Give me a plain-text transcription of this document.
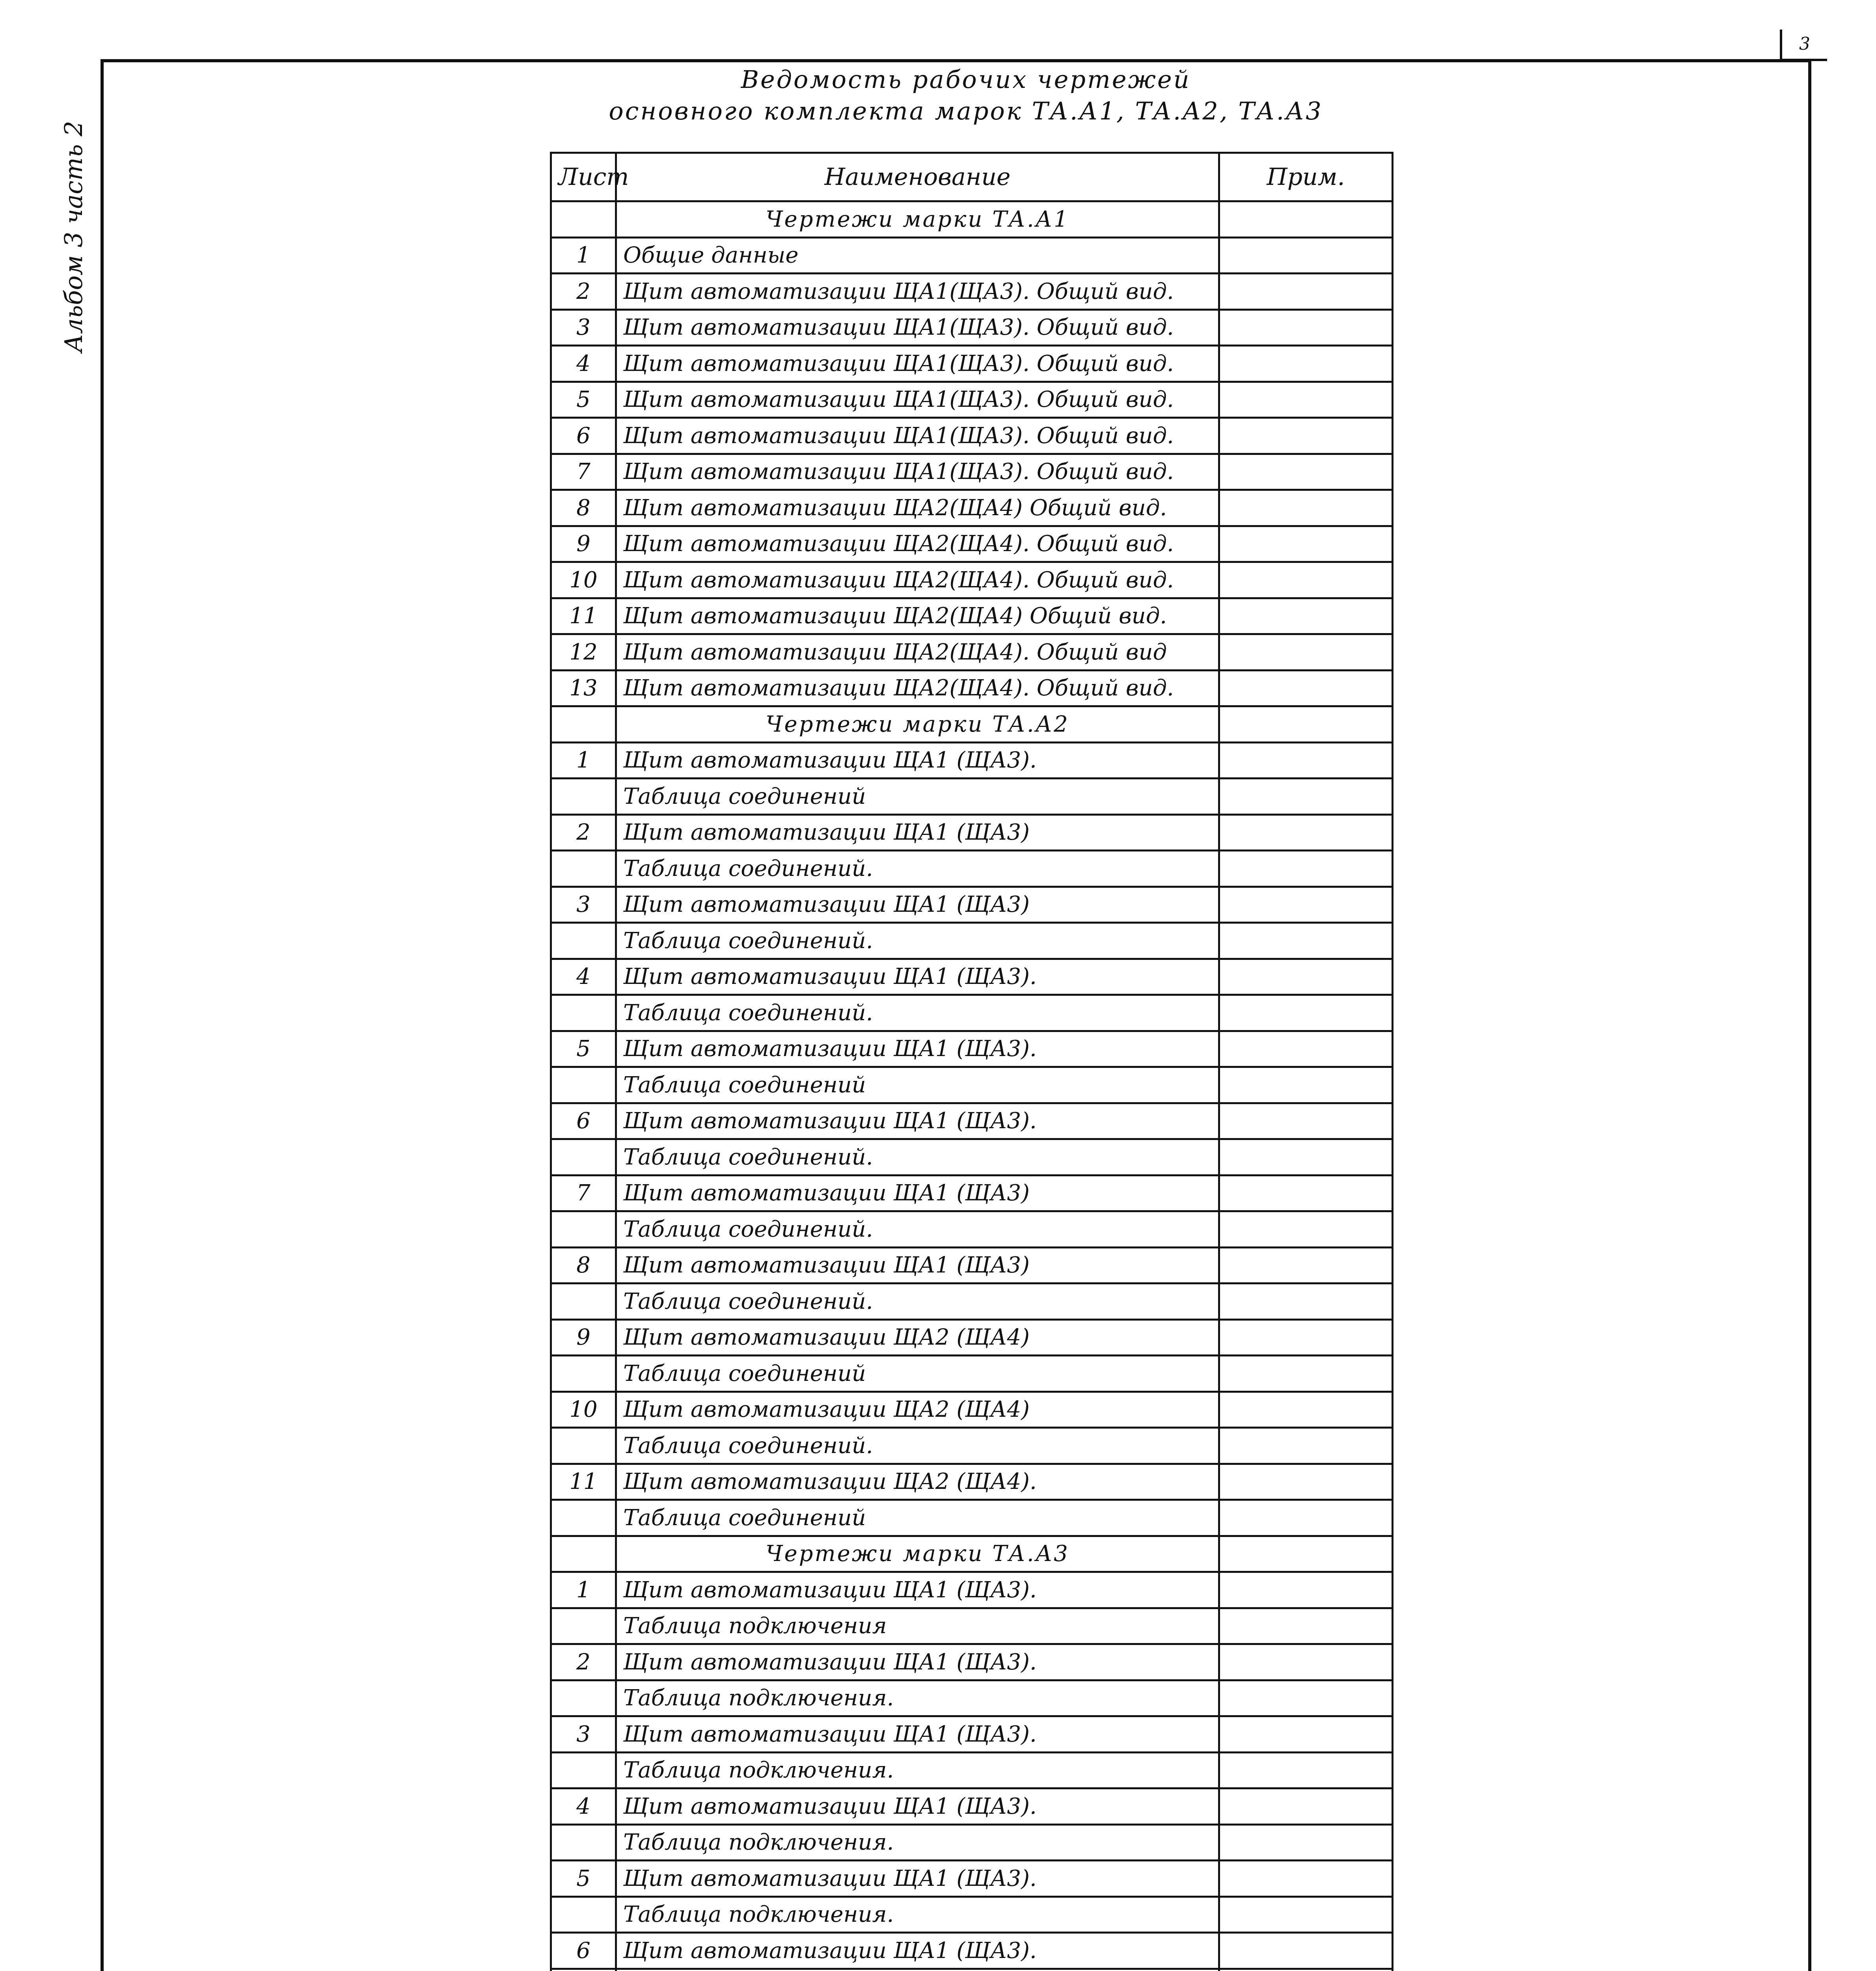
3
Альбом 3 часть 2
Ведомость рабочих чертежей
основного комплекта марок ТА.А1, ТА.А2, ТА.А3
Лист	Наименование	Прим.
	Чертежи марки ТА.А1	
1	Общие данные	
2	Щит автоматизации ЩА1(ЩА3). Общий вид.	
3	Щит автоматизации ЩА1(ЩА3). Общий вид.	
4	Щит автоматизации ЩА1(ЩА3). Общий вид.	
5	Щит автоматизации ЩА1(ЩА3). Общий вид.	
6	Щит автоматизации ЩА1(ЩА3). Общий вид.	
7	Щит автоматизации ЩА1(ЩА3). Общий вид.	
8	Щит автоматизации ЩА2(ЩА4) Общий вид.	
9	Щит автоматизации ЩА2(ЩА4). Общий вид.	
10	Щит автоматизации ЩА2(ЩА4). Общий вид.	
11	Щит автоматизации ЩА2(ЩА4) Общий вид.	
12	Щит автоматизации ЩА2(ЩА4). Общий вид	
13	Щит автоматизации ЩА2(ЩА4). Общий вид.	
	Чертежи марки ТА.А2	
1	Щит автоматизации ЩА1 (ЩА3).	
	Таблица соединений	
2	Щит автоматизации ЩА1 (ЩА3)	
	Таблица соединений.	
3	Щит автоматизации ЩА1 (ЩА3)	
	Таблица соединений.	
4	Щит автоматизации ЩА1 (ЩА3).	
	Таблица соединений.	
5	Щит автоматизации ЩА1 (ЩА3).	
	Таблица соединений	
6	Щит автоматизации ЩА1 (ЩА3).	
	Таблица соединений.	
7	Щит автоматизации ЩА1 (ЩА3)	
	Таблица соединений.	
8	Щит автоматизации ЩА1 (ЩА3)	
	Таблица соединений.	
9	Щит автоматизации ЩА2 (ЩА4)	
	Таблица соединений	
10	Щит автоматизации ЩА2 (ЩА4)	
	Таблица соединений.	
11	Щит автоматизации ЩА2 (ЩА4).	
	Таблица соединений	
	Чертежи марки ТА.А3	
1	Щит автоматизации ЩА1 (ЩА3).	
	Таблица подключения	
2	Щит автоматизации ЩА1 (ЩА3).	
	Таблица подключения.	
3	Щит автоматизации ЩА1 (ЩА3).	
	Таблица подключения.	
4	Щит автоматизации ЩА1 (ЩА3).	
	Таблица подключения.	
5	Щит автоматизации ЩА1 (ЩА3).	
	Таблица подключения.	
6	Щит автоматизации ЩА1 (ЩА3).	
